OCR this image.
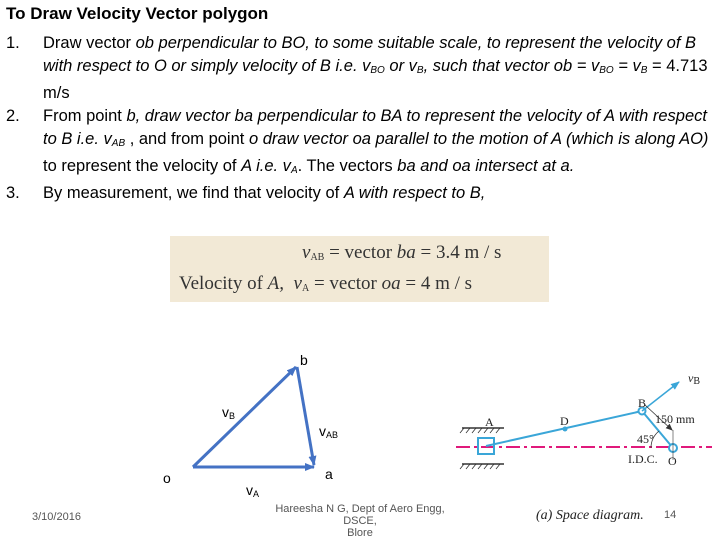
To Draw Velocity Vector polygon
1.	Draw vector ob perpendicular to BO, to some suitable scale, to represent the velocity of B with respect to O or simply velocity of B i.e. $v_{BO}$ or $v_B$, such that vector ob = $v_{BO} = v_B = 4.713$ m/s
2.	From point b, draw vector ba perpendicular to BA to represent the velocity of A with respect to B i.e. $v_{AB}$ , and from point o draw vector oa parallel to the motion of A (which is along AO) to represent the velocity of A i.e. $v_A$. The vectors ba and oa intersect at a.
3.	By measurement, we find that velocity of A with respect to B,
$v_{AB}$ = vector ba = 3.4 m / s
Velocity of A, $v_A$ = vector oa = 4 m / s
b
$v_B$
$v_{AB}$
o
$v_A$
a
$v_B$
A	D
B
150 mm
45°
I.D.C. O
(a) Space diagram.
3/10/2016
Hareesha N G, Dept of Aero Engg, DSCE,
Blore
14
